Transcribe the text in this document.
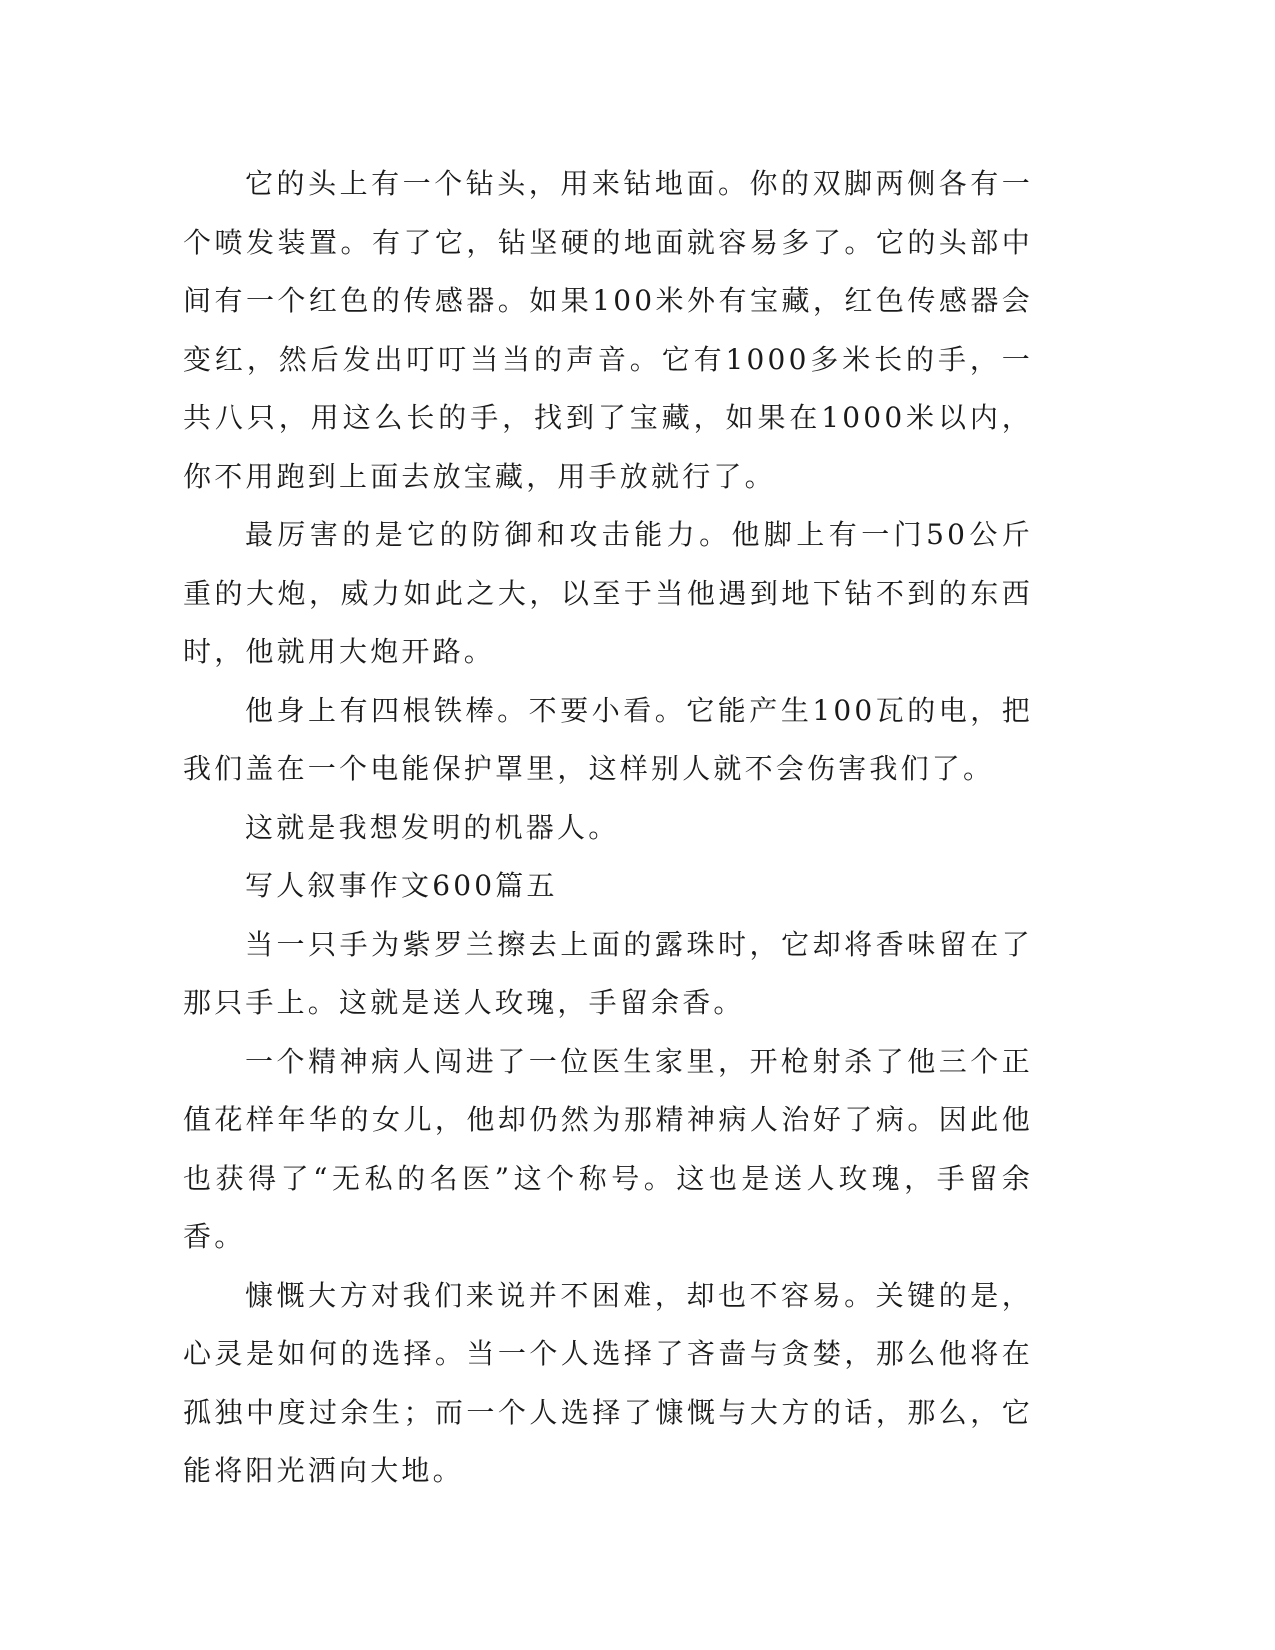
它的头上有一个钻头，用来钻地面。你的双脚两侧各有一个喷发装置。有了它，钻坚硬的地面就容易多了。它的头部中间有一个红色的传感器。如果100米外有宝藏，红色传感器会变红，然后发出叮叮当当的声音。它有1000多米长的手，一共八只，用这么长的手，找到了宝藏，如果在1000米以内，你不用跑到上面去放宝藏，用手放就行了。

最厉害的是它的防御和攻击能力。他脚上有一门50公斤重的大炮，威力如此之大，以至于当他遇到地下钻不到的东西时，他就用大炮开路。

他身上有四根铁棒。不要小看。它能产生100瓦的电，把我们盖在一个电能保护罩里，这样别人就不会伤害我们了。

这就是我想发明的机器人。

写人叙事作文600篇五

当一只手为紫罗兰擦去上面的露珠时，它却将香味留在了那只手上。这就是送人玫瑰，手留余香。

一个精神病人闯进了一位医生家里，开枪射杀了他三个正值花样年华的女儿，他却仍然为那精神病人治好了病。因此他也获得了“无私的名医”这个称号。这也是送人玫瑰，手留余香。

慷慨大方对我们来说并不困难，却也不容易。关键的是，心灵是如何的选择。当一个人选择了吝啬与贪婪，那么他将在孤独中度过余生；而一个人选择了慷慨与大方的话，那么，它能将阳光洒向大地。
